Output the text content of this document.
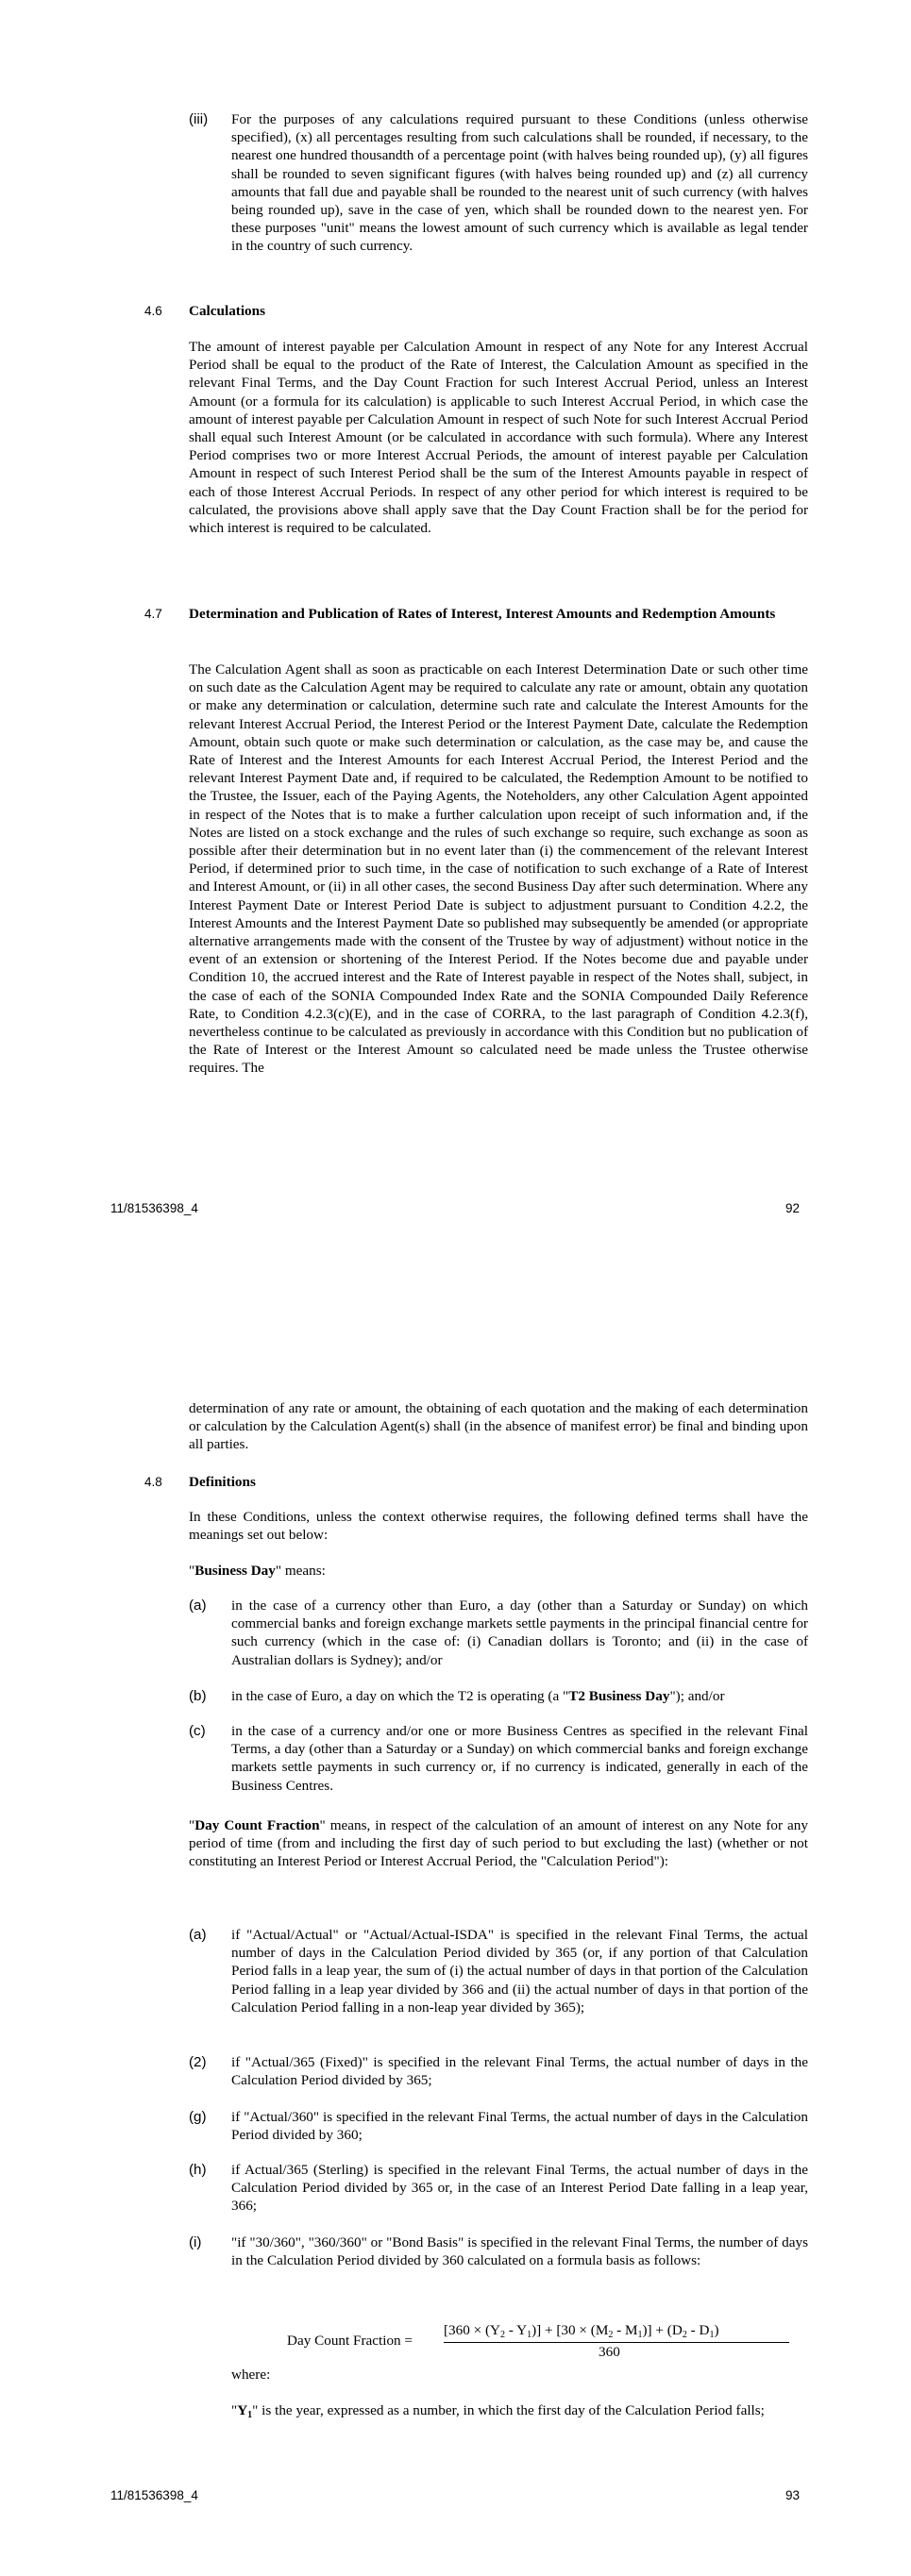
(iii) For the purposes of any calculations required pursuant to these Conditions (unless otherwise specified), (x) all percentages resulting from such calculations shall be rounded, if necessary, to the nearest one hundred thousandth of a percentage point (with halves being rounded up), (y) all figures shall be rounded to seven significant figures (with halves being rounded up) and (z) all currency amounts that fall due and payable shall be rounded to the nearest unit of such currency (with halves being rounded up), save in the case of yen, which shall be rounded down to the nearest yen. For these purposes "unit" means the lowest amount of such currency which is available as legal tender in the country of such currency.
4.6 Calculations
The amount of interest payable per Calculation Amount in respect of any Note for any Interest Accrual Period shall be equal to the product of the Rate of Interest, the Calculation Amount as specified in the relevant Final Terms, and the Day Count Fraction for such Interest Accrual Period, unless an Interest Amount (or a formula for its calculation) is applicable to such Interest Accrual Period, in which case the amount of interest payable per Calculation Amount in respect of such Note for such Interest Accrual Period shall equal such Interest Amount (or be calculated in accordance with such formula). Where any Interest Period comprises two or more Interest Accrual Periods, the amount of interest payable per Calculation Amount in respect of such Interest Period shall be the sum of the Interest Amounts payable in respect of each of those Interest Accrual Periods. In respect of any other period for which interest is required to be calculated, the provisions above shall apply save that the Day Count Fraction shall be for the period for which interest is required to be calculated.
4.7 Determination and Publication of Rates of Interest, Interest Amounts and Redemption Amounts
The Calculation Agent shall as soon as practicable on each Interest Determination Date or such other time on such date as the Calculation Agent may be required to calculate any rate or amount, obtain any quotation or make any determination or calculation, determine such rate and calculate the Interest Amounts for the relevant Interest Accrual Period, the Interest Period or the Interest Payment Date, calculate the Redemption Amount, obtain such quote or make such determination or calculation, as the case may be, and cause the Rate of Interest and the Interest Amounts for each Interest Accrual Period, the Interest Period and the relevant Interest Payment Date and, if required to be calculated, the Redemption Amount to be notified to the Trustee, the Issuer, each of the Paying Agents, the Noteholders, any other Calculation Agent appointed in respect of the Notes that is to make a further calculation upon receipt of such information and, if the Notes are listed on a stock exchange and the rules of such exchange so require, such exchange as soon as possible after their determination but in no event later than (i) the commencement of the relevant Interest Period, if determined prior to such time, in the case of notification to such exchange of a Rate of Interest and Interest Amount, or (ii) in all other cases, the second Business Day after such determination. Where any Interest Payment Date or Interest Period Date is subject to adjustment pursuant to Condition 4.2.2, the Interest Amounts and the Interest Payment Date so published may subsequently be amended (or appropriate alternative arrangements made with the consent of the Trustee by way of adjustment) without notice in the event of an extension or shortening of the Interest Period. If the Notes become due and payable under Condition 10, the accrued interest and the Rate of Interest payable in respect of the Notes shall, subject, in the case of each of the SONIA Compounded Index Rate and the SONIA Compounded Daily Reference Rate, to Condition 4.2.3(c)(E), and in the case of CORRA, to the last paragraph of Condition 4.2.3(f), nevertheless continue to be calculated as previously in accordance with this Condition but no publication of the Rate of Interest or the Interest Amount so calculated need be made unless the Trustee otherwise requires. The
11/81536398_4	92
determination of any rate or amount, the obtaining of each quotation and the making of each determination or calculation by the Calculation Agent(s) shall (in the absence of manifest error) be final and binding upon all parties.
4.8 Definitions
In these Conditions, unless the context otherwise requires, the following defined terms shall have the meanings set out below:
"Business Day" means:
(a) in the case of a currency other than Euro, a day (other than a Saturday or Sunday) on which commercial banks and foreign exchange markets settle payments in the principal financial centre for such currency (which in the case of: (i) Canadian dollars is Toronto; and (ii) in the case of Australian dollars is Sydney); and/or
(b) in the case of Euro, a day on which the T2 is operating (a "T2 Business Day"); and/or
(c) in the case of a currency and/or one or more Business Centres as specified in the relevant Final Terms, a day (other than a Saturday or a Sunday) on which commercial banks and foreign exchange markets settle payments in such currency or, if no currency is indicated, generally in each of the Business Centres.
"Day Count Fraction" means, in respect of the calculation of an amount of interest on any Note for any period of time (from and including the first day of such period to but excluding the last) (whether or not constituting an Interest Period or Interest Accrual Period, the "Calculation Period"):
(a) if "Actual/Actual" or "Actual/Actual-ISDA" is specified in the relevant Final Terms, the actual number of days in the Calculation Period divided by 365 (or, if any portion of that Calculation Period falls in a leap year, the sum of (i) the actual number of days in that portion of the Calculation Period falling in a leap year divided by 366 and (ii) the actual number of days in that portion of the Calculation Period falling in a non-leap year divided by 365);
(2) if "Actual/365 (Fixed)" is specified in the relevant Final Terms, the actual number of days in the Calculation Period divided by 365;
(g) if "Actual/360" is specified in the relevant Final Terms, the actual number of days in the Calculation Period divided by 360;
(h) if Actual/365 (Sterling) is specified in the relevant Final Terms, the actual number of days in the Calculation Period divided by 365 or, in the case of an Interest Period Date falling in a leap year, 366;
(i) "if "30/360", "360/360" or "Bond Basis" is specified in the relevant Final Terms, the number of days in the Calculation Period divided by 360 calculated on a formula basis as follows:
where:
"$Y_1$" is the year, expressed as a number, in which the first day of the Calculation Period falls;
11/81536398_4	93
Day Count Fraction =
$[360 \times (Y_2 - Y_1)] + [30 \times (M_2 - M_1)] + (D_2 - D_1)$
360
